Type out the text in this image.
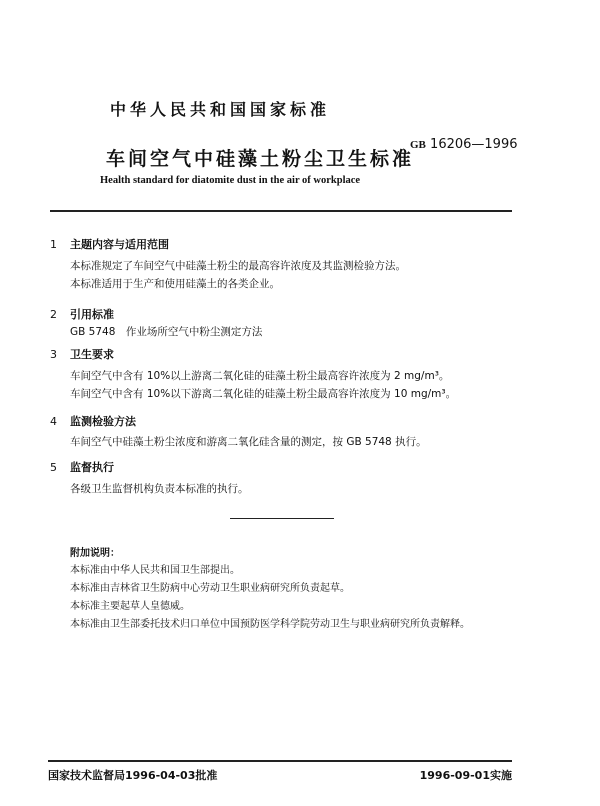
中华人民共和国国家标准
GB 16206—1996
车间空气中硅藻土粉尘卫生标准
Health standard for diatomite dust in the air of workplace
1 主题内容与适用范围
本标准规定了车间空气中硅藻土粉尘的最高容许浓度及其监测检验方法。
本标准适用于生产和使用硅藻土的各类企业。
2 引用标准
GB 5748　作业场所空气中粉尘测定方法
3 卫生要求
车间空气中含有 10%以上游离二氧化硅的硅藻土粉尘最高容许浓度为 2 mg/m³。
车间空气中含有 10%以下游离二氧化硅的硅藻土粉尘最高容许浓度为 10 mg/m³。
4 监测检验方法
车间空气中硅藻土粉尘浓度和游离二氧化硅含量的测定，按 GB 5748 执行。
5 监督执行
各级卫生监督机构负责本标准的执行。
附加说明：
本标准由中华人民共和国卫生部提出。
本标准由吉林省卫生防病中心劳动卫生职业病研究所负责起草。
本标准主要起草人皇德威。
本标准由卫生部委托技术归口单位中国预防医学科学院劳动卫生与职业病研究所负责解释。
国家技术监督局1996-04-03批准	1996-09-01实施
